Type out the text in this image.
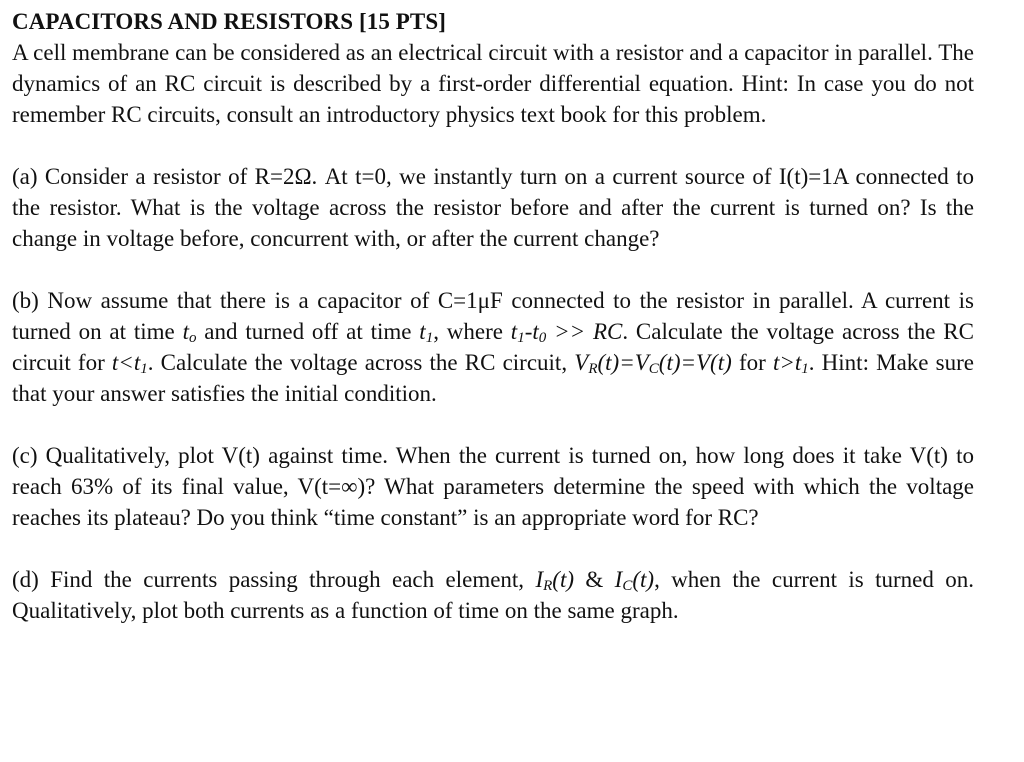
CAPACITORS AND RESISTORS [15 PTS]

A cell membrane can be considered as an electrical circuit with a resistor and a capacitor in parallel. The dynamics of an RC circuit is described by a first-order differential equation. Hint: In case you do not remember RC circuits, consult an introductory physics text book for this problem.

(a) Consider a resistor of R=2Ω. At t=0, we instantly turn on a current source of I(t)=1A connected to the resistor. What is the voltage across the resistor before and after the current is turned on? Is the change in voltage before, concurrent with, or after the current change?

(b) Now assume that there is a capacitor of C=1μF connected to the resistor in parallel. A current is turned on at time $t_o$ and turned off at time $t_1$, where $t_1-t_0$ >> RC. Calculate the voltage across the RC circuit for $t<t_1$. Calculate the voltage across the RC circuit, $V_R(t)=V_C(t)=V(t)$ for $t>t_1$. Hint: Make sure that your answer satisfies the initial condition.

(c) Qualitatively, plot V(t) against time. When the current is turned on, how long does it take V(t) to reach 63% of its final value, V(t=∞)? What parameters determine the speed with which the voltage reaches its plateau? Do you think “time constant” is an appropriate word for RC?

(d) Find the currents passing through each element, $I_R(t)$ & $I_C(t)$, when the current is turned on. Qualitatively, plot both currents as a function of time on the same graph.
